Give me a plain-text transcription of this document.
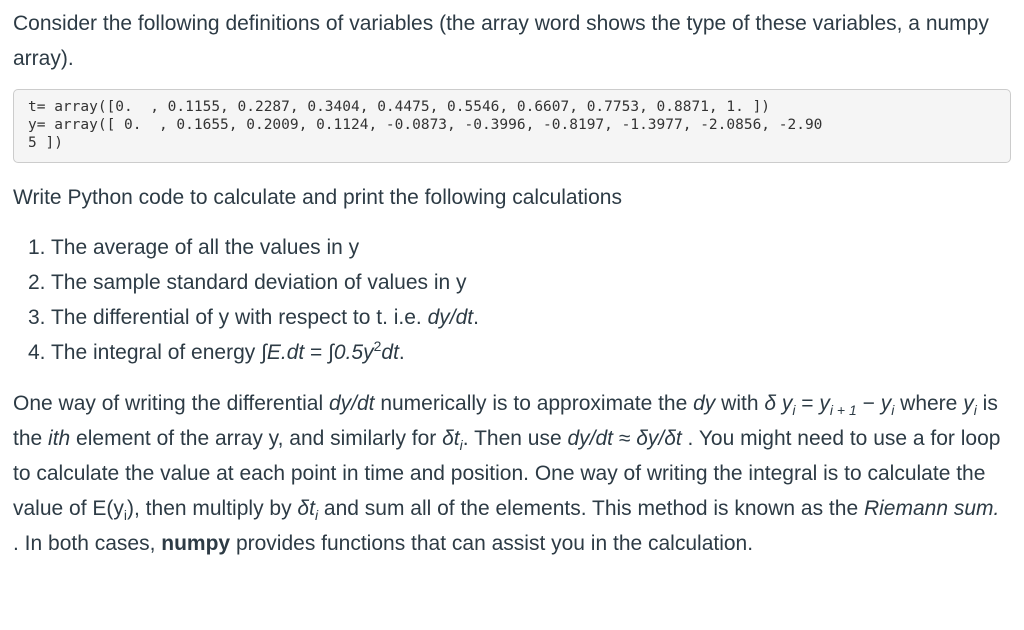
Consider the following definitions of variables (the array word shows the type of these variables, a numpy array).

t= array([0.  , 0.1155, 0.2287, 0.3404, 0.4475, 0.5546, 0.6607, 0.7753, 0.8871, 1. ])
y= array([ 0.  , 0.1655, 0.2009, 0.1124, -0.0873, -0.3996, -0.8197, -1.3977, -2.0856, -2.90
5 ])

Write Python code to calculate and print the following calculations

1. The average of all the values in y
2. The sample standard deviation of values in y
3. The differential of y with respect to t. i.e. dy/dt.
4. The integral of energy $\int E.dt = \int 0.5y^2dt$.

One way of writing the differential dy/dt numerically is to approximate the dy with δ $y_i = y_{i + 1} - y_i$ where $y_i$ is the ith element of the array y, and similarly for $\delta t_i$. Then use dy/dt ≈ δy/δt . You might need to use a for loop to calculate the value at each point in time and position. One way of writing the integral is to calculate the value of $E(y_i)$, then multiply by $\delta t_i$ and sum all of the elements. This method is known as the Riemann sum. . In both cases, numpy provides functions that can assist you in the calculation.
